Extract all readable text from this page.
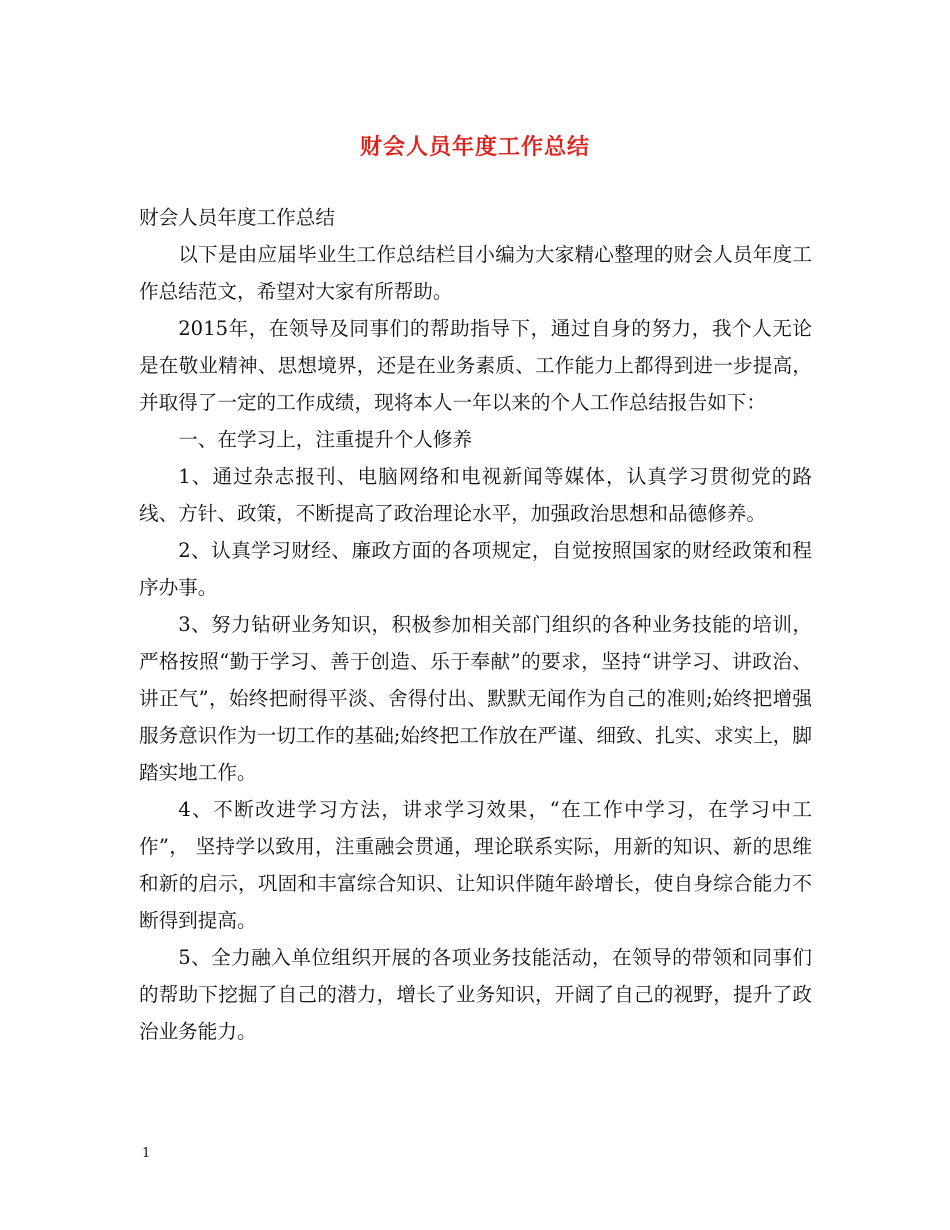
财会人员年度工作总结

财会人员年度工作总结

以下是由应届毕业生工作总结栏目小编为大家精心整理的财会人员年度工作总结范文，希望对大家有所帮助。

2015年，在领导及同事们的帮助指导下，通过自身的努力，我个人无论是在敬业精神、思想境界，还是在业务素质、工作能力上都得到进一步提高，并取得了一定的工作成绩，现将本人一年以来的个人工作总结报告如下：

一、在学习上，注重提升个人修养

1、通过杂志报刊、电脑网络和电视新闻等媒体，认真学习贯彻党的路线、方针、政策，不断提高了政治理论水平，加强政治思想和品德修养。

2、认真学习财经、廉政方面的各项规定，自觉按照国家的财经政策和程序办事。

3、努力钻研业务知识，积极参加相关部门组织的各种业务技能的培训，严格按照“勤于学习、善于创造、乐于奉献”的要求，坚持“讲学习、讲政治、讲正气”，始终把耐得平淡、舍得付出、默默无闻作为自己的准则;始终把增强服务意识作为一切工作的基础;始终把工作放在严谨、细致、扎实、求实上，脚踏实地工作。

4、不断改进学习方法，讲求学习效果，“在工作中学习，在学习中工作”， 坚持学以致用，注重融会贯通，理论联系实际，用新的知识、新的思维和新的启示，巩固和丰富综合知识、让知识伴随年龄增长，使自身综合能力不断得到提高。

5、全力融入单位组织开展的各项业务技能活动，在领导的带领和同事们的帮助下挖掘了自己的潜力，增长了业务知识，开阔了自己的视野，提升了政治业务能力。

1
